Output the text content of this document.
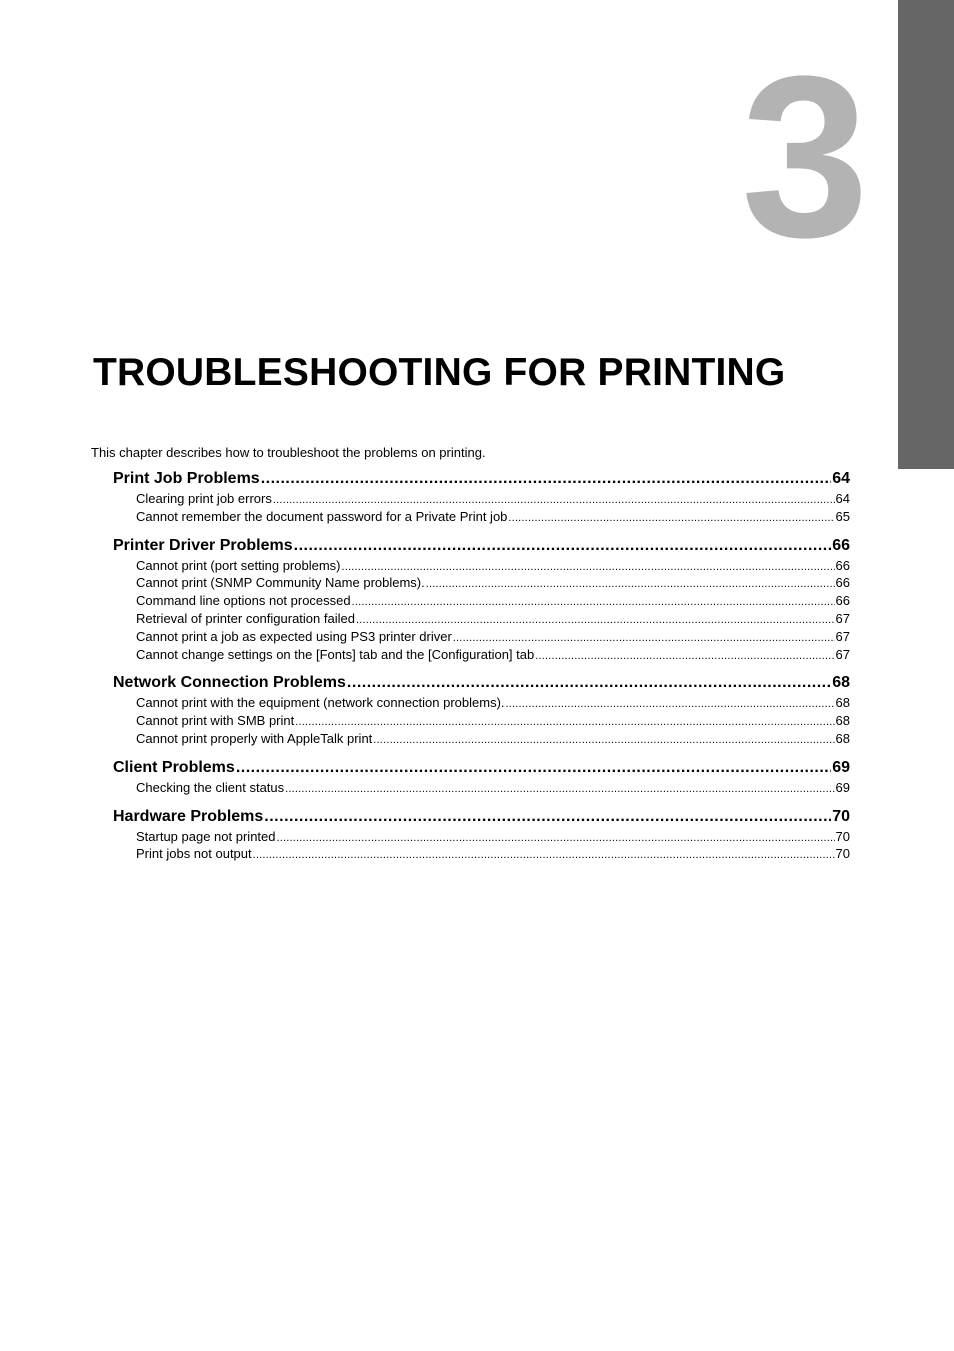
3
TROUBLESHOOTING FOR PRINTING

This chapter describes how to troubleshoot the problems on printing.

Print Job Problems .....	64
Clearing print job errors .....	64
Cannot remember the document password for a Private Print job .....	65
Printer Driver Problems .....	66
Cannot print (port setting problems) .....	66
Cannot print (SNMP Community Name problems). .....	66
Command line options not processed .....	66
Retrieval of printer configuration failed .....	67
Cannot print a job as expected using PS3 printer driver .....	67
Cannot change settings on the [Fonts] tab and the [Configuration] tab .....	67
Network Connection Problems .....	68
Cannot print with the equipment (network connection problems). .....	68
Cannot print with SMB print .....	68
Cannot print properly with AppleTalk print .....	68
Client Problems .....	69
Checking the client status .....	69
Hardware Problems .....	70
Startup page not printed .....	70
Print jobs not output .....	70
